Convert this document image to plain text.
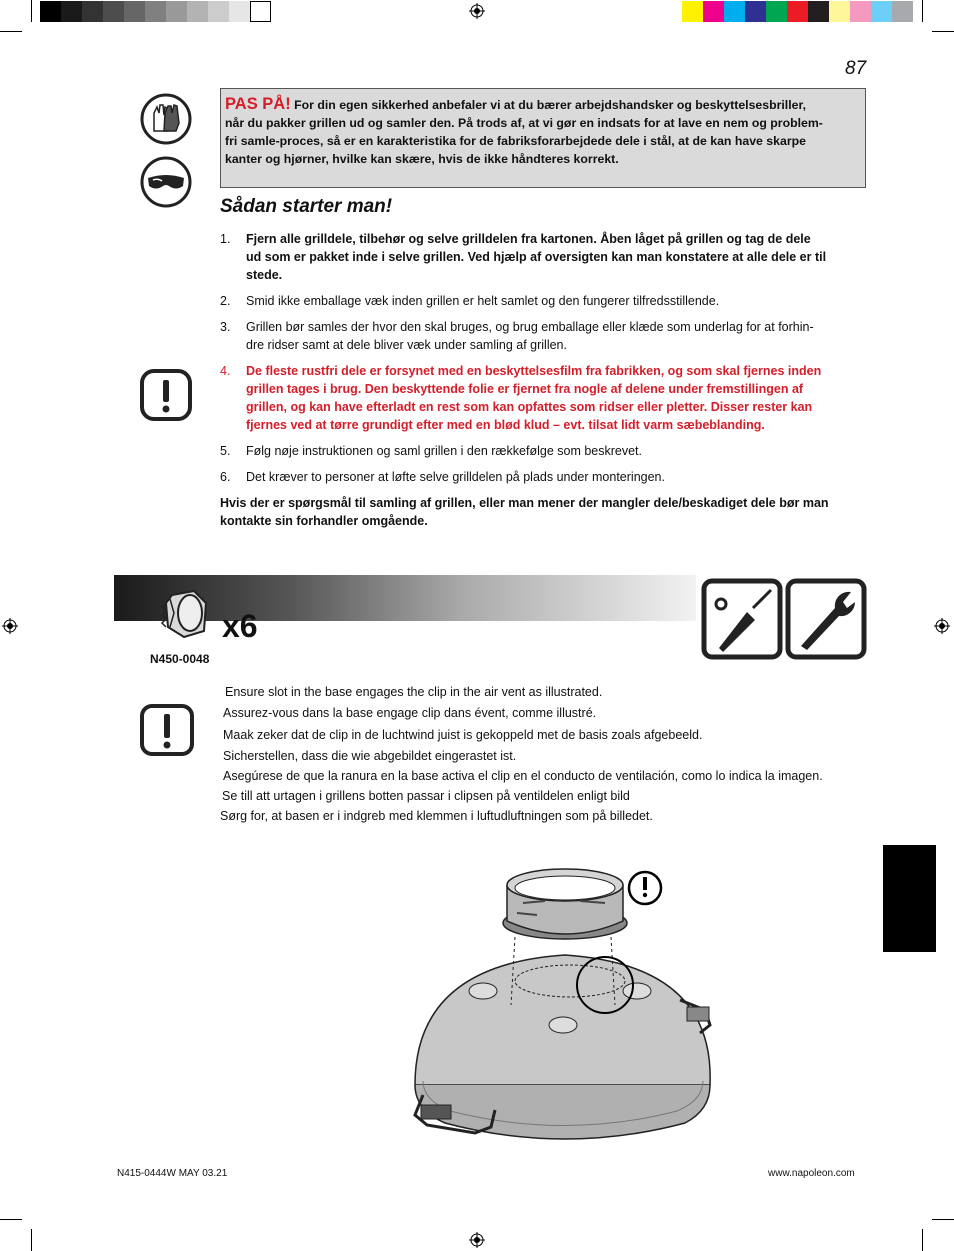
87
PAS PÅ! For din egen sikkerhed anbefaler vi at du bærer arbejdshandsker og beskyttelsesbriller,
når du pakker grillen ud og samler den. På trods af, at vi gør en indsats for at lave en nem og problem-
fri samle-proces, så er en karakteristika for de fabriksforarbejdede dele i stål, at de kan have skarpe
kanter og hjørner, hvilke kan skære, hvis de ikke håndteres korrekt.
Sådan starter man!
1. Fjern alle grilldele, tilbehør og selve grilldelen fra kartonen. Åben låget på grillen og tag de dele
ud som er pakket inde i selve grillen. Ved hjælp af oversigten kan man konstatere at alle dele er til
stede.
2. Smid ikke emballage væk inden grillen er helt samlet og den fungerer tilfredsstillende.
3. Grillen bør samles der hvor den skal bruges, og brug emballage eller klæde som underlag for at forhin-
dre ridser samt at dele bliver væk under samling af grillen.
4. De fleste rustfri dele er forsynet med en beskyttelsesfilm fra fabrikken, og som skal fjernes inden
grillen tages i brug. Den beskyttende folie er fjernet fra nogle af delene under fremstillingen af
grillen, og kan have efterladt en rest som kan opfattes som ridser eller pletter. Disser rester kan
fjernes ved at tørre grundigt efter med en blød klud – evt. tilsat lidt varm sæbeblanding.
5. Følg nøje instruktionen og saml grillen i den rækkefølge som beskrevet.
6. Det kræver to personer at løfte selve grilldelen på plads under monteringen.
Hvis der er spørgsmål til samling af grillen, eller man mener der mangler dele/beskadiget dele bør man
kontakte sin forhandler omgående.
x6
N450-0048
Ensure slot in the base engages the clip in the air vent as illustrated.
Assurez-vous dans la base engage clip dans évent, comme illustré.
Maak zeker dat de clip in de luchtwind juist is gekoppeld met de basis zoals afgebeeld.
Sicherstellen, dass die wie abgebildet eingerastet ist.
Asegúrese de que la ranura en la base activa el clip en el conducto de ventilación, como lo indica la imagen.
Se till att urtagen i grillens botten passar i clipsen på ventildelen enligt bild
Sørg for, at basen er i indgreb med klemmen i luftudluftningen som på billedet.
N415-0444W MAY 03.21	www.napoleon.com
